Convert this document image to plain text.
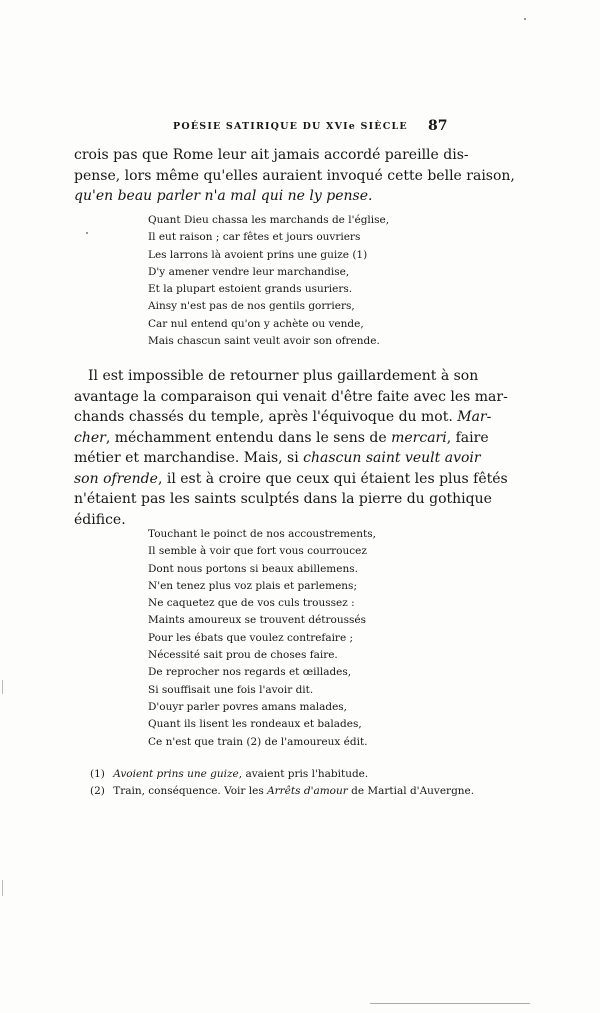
POÉSIE SATIRIQUE DU XVIe SIÈCLE	87
crois pas que Rome leur ait jamais accordé pareille dis-
pense, lors même qu'elles auraient invoqué cette belle raison,
qu'en beau parler n'a mal qui ne ly pense.
Quant Dieu chassa les marchands de l'église,
Il eut raison ; car fêtes et jours ouvriers
Les larrons là avoient prins une guize (1)
D'y amener vendre leur marchandise,
Et la plupart estoient grands usuriers.
Ainsy n'est pas de nos gentils gorriers,
Car nul entend qu'on y achète ou vende,
Mais chascun saint veult avoir son ofrende.
Il est impossible de retourner plus gaillardement à son
avantage la comparaison qui venait d'être faite avec les mar-
chands chassés du temple, après l'équivoque du mot. Mar-
cher, méchamment entendu dans le sens de mercari, faire
métier et marchandise. Mais, si chascun saint veult avoir
son ofrende, il est à croire que ceux qui étaient les plus fêtés
n'étaient pas les saints sculptés dans la pierre du gothique
édifice.
Touchant le poinct de nos accoustrements,
Il semble à voir que fort vous courroucez
Dont nous portons si beaux abillemens.
N'en tenez plus voz plais et parlemens;
Ne caquetez que de vos culs troussez :
Maints amoureux se trouvent détroussés
Pour les ébats que voulez contrefaire ;
Nécessité sait prou de choses faire.
De reprocher nos regards et œillades,
Si souffisait une fois l'avoir dit.
D'ouyr parler povres amans malades,
Quant ils lisent les rondeaux et balades,
Ce n'est que train (2) de l'amoureux édit.
(1) Avoient prins une guize, avaient pris l'habitude.
(2) Train, conséquence. Voir les Arrêts d'amour de Martial d'Auvergne.
